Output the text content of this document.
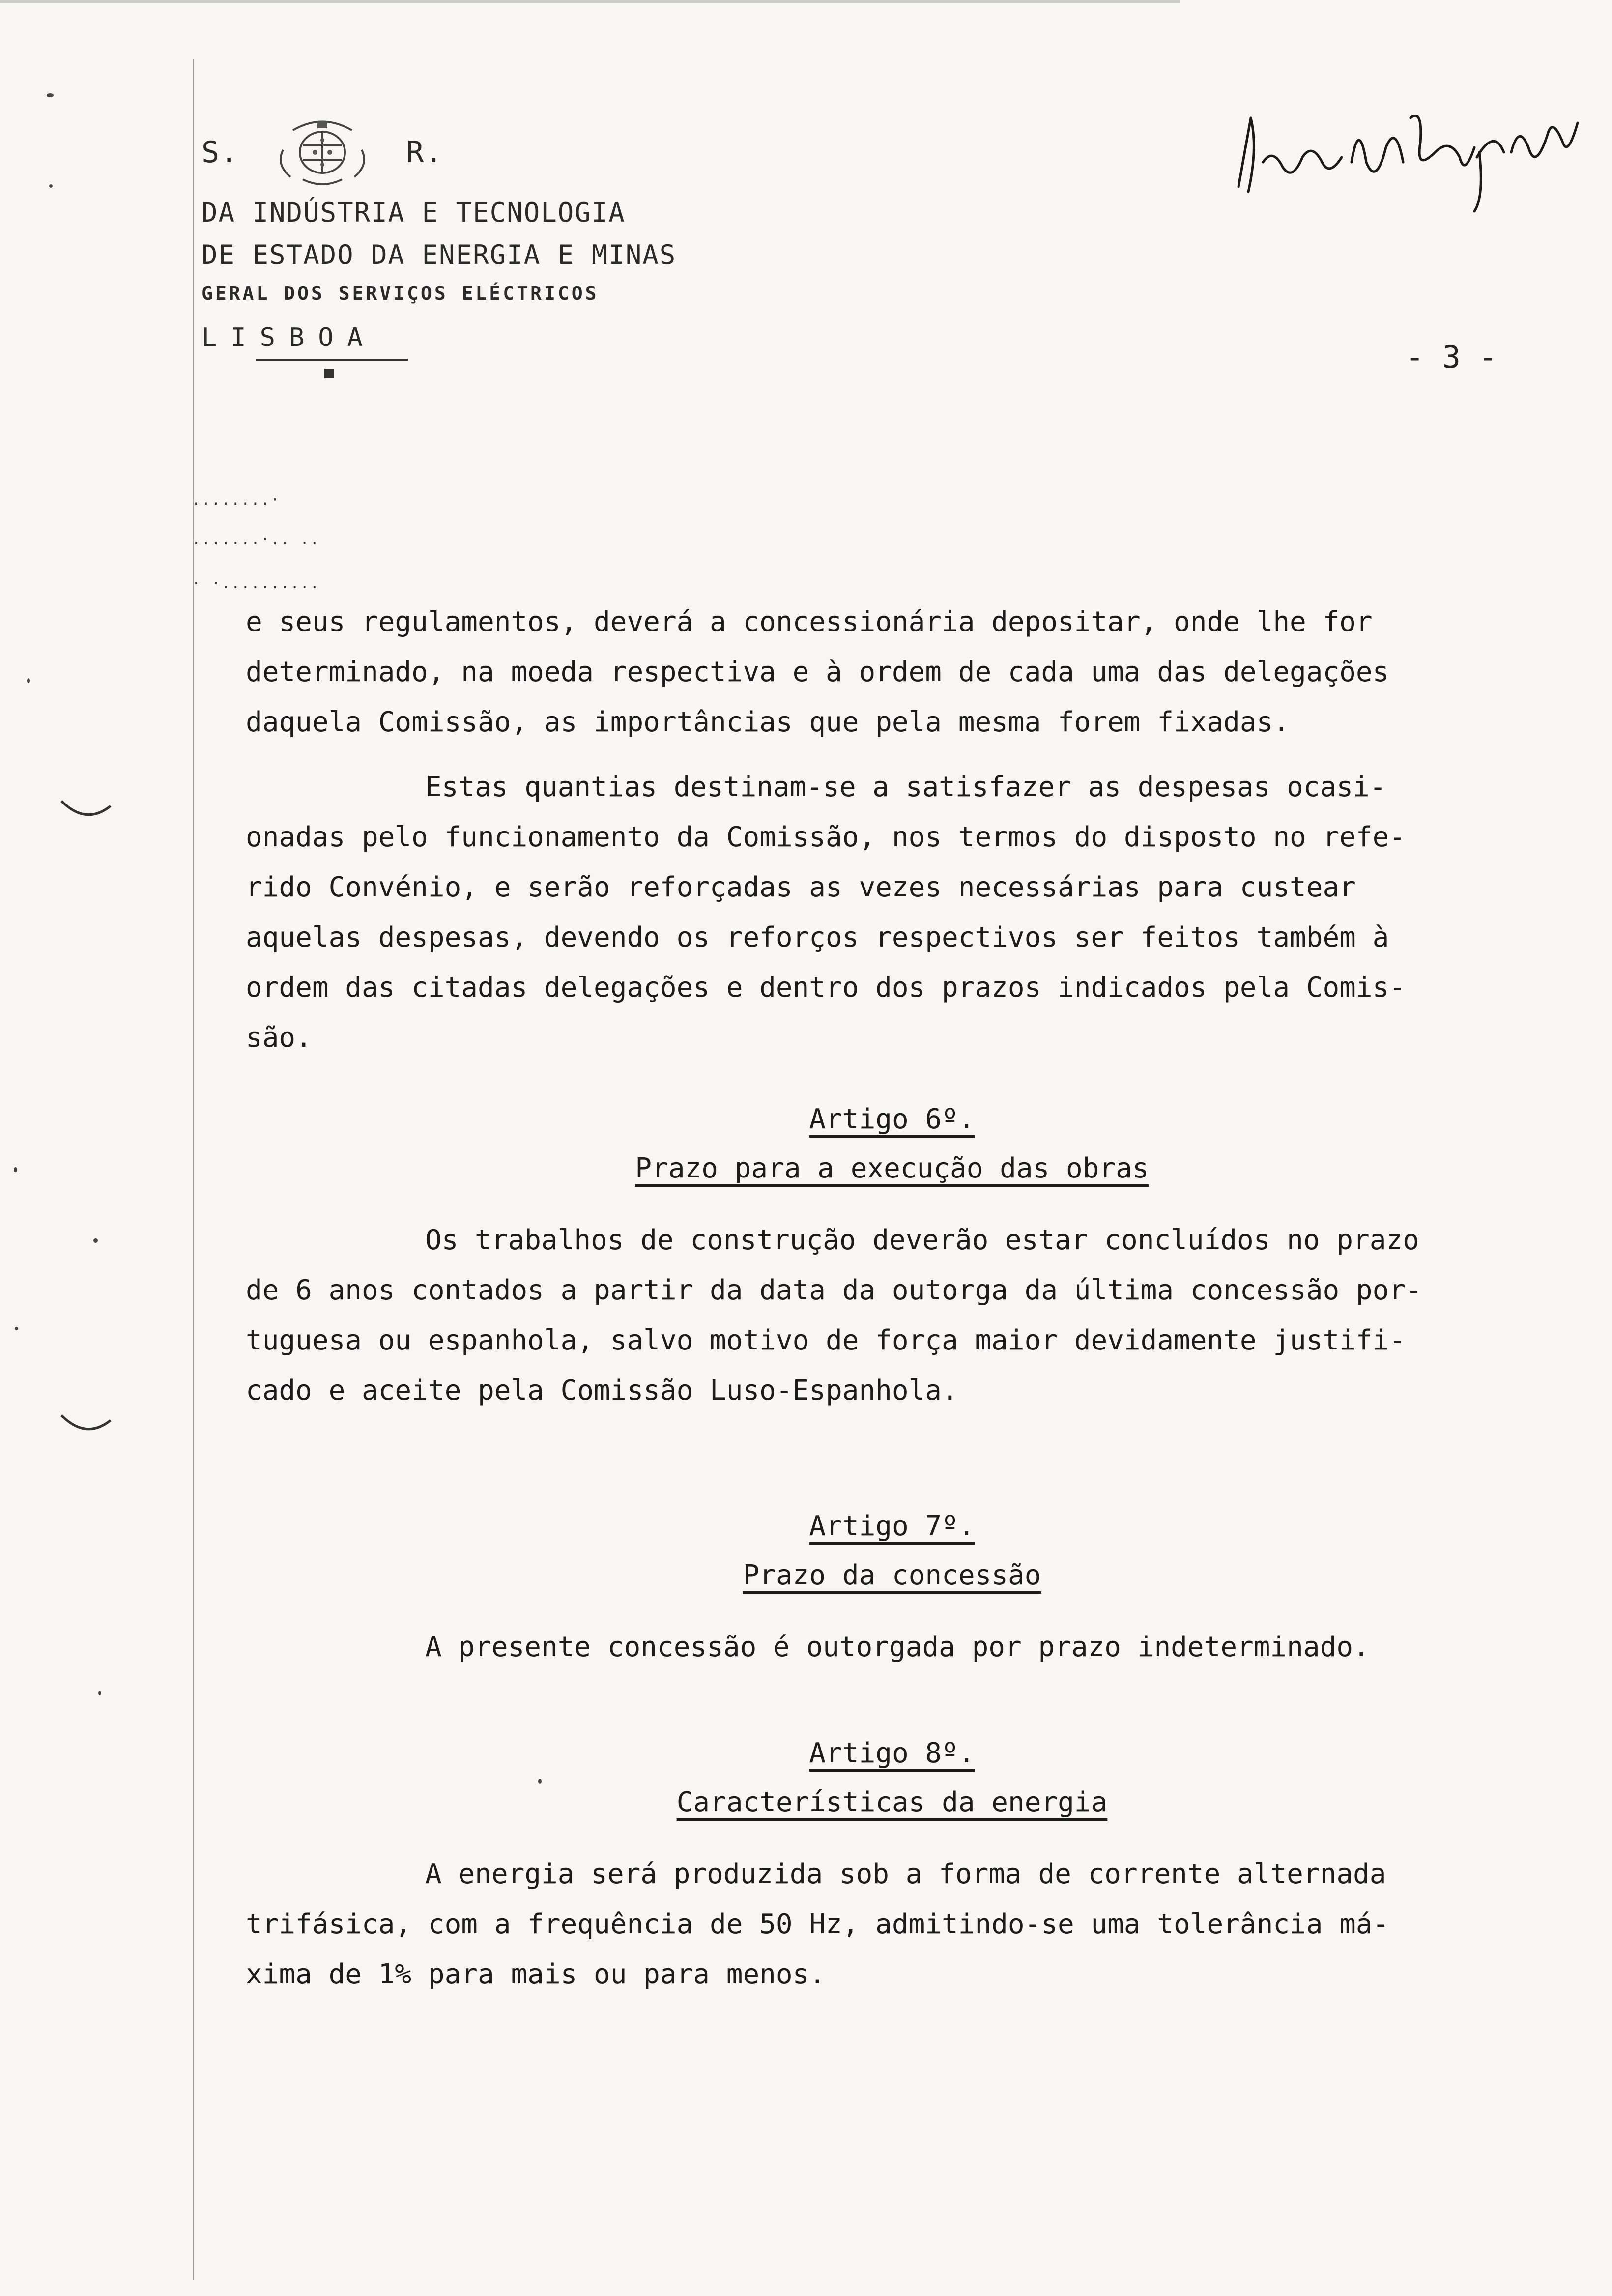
S.	R.
DA INDÚSTRIA E TECNOLOGIA
DE ESTADO DA ENERGIA E MINAS
GERAL DOS SERVIÇOS ELÉCTRICOS
LISBOA
- 3 -
........·
.......·.. ..
· ·..........

e seus regulamentos, deverá a concessionária depositar, onde lhe for

determinado, na moeda respectiva e à ordem de cada uma das delegações

daquela Comissão, as importâncias que pela mesma forem fixadas.

Estas quantias destinam-se a satisfazer as despesas ocasi-

onadas pelo funcionamento da Comissão, nos termos do disposto no refe-

rido Convénio, e serão reforçadas as vezes necessárias para custear

aquelas despesas, devendo os reforços respectivos ser feitos também à

ordem das citadas delegações e dentro dos prazos indicados pela Comis-

são.

Artigo 6º.

Prazo para a execução das obras

Os trabalhos de construção deverão estar concluídos no prazo

de 6 anos contados a partir da data da outorga da última concessão por-

tuguesa ou espanhola, salvo motivo de força maior devidamente justifi-

cado e aceite pela Comissão Luso-Espanhola.

Artigo 7º.

Prazo da concessão

A presente concessão é outorgada por prazo indeterminado.

Artigo 8º.

Características da energia

A energia será produzida sob a forma de corrente alternada

trifásica, com a frequência de 50 Hz, admitindo-se uma tolerância má-

xima de 1% para mais ou para menos.
